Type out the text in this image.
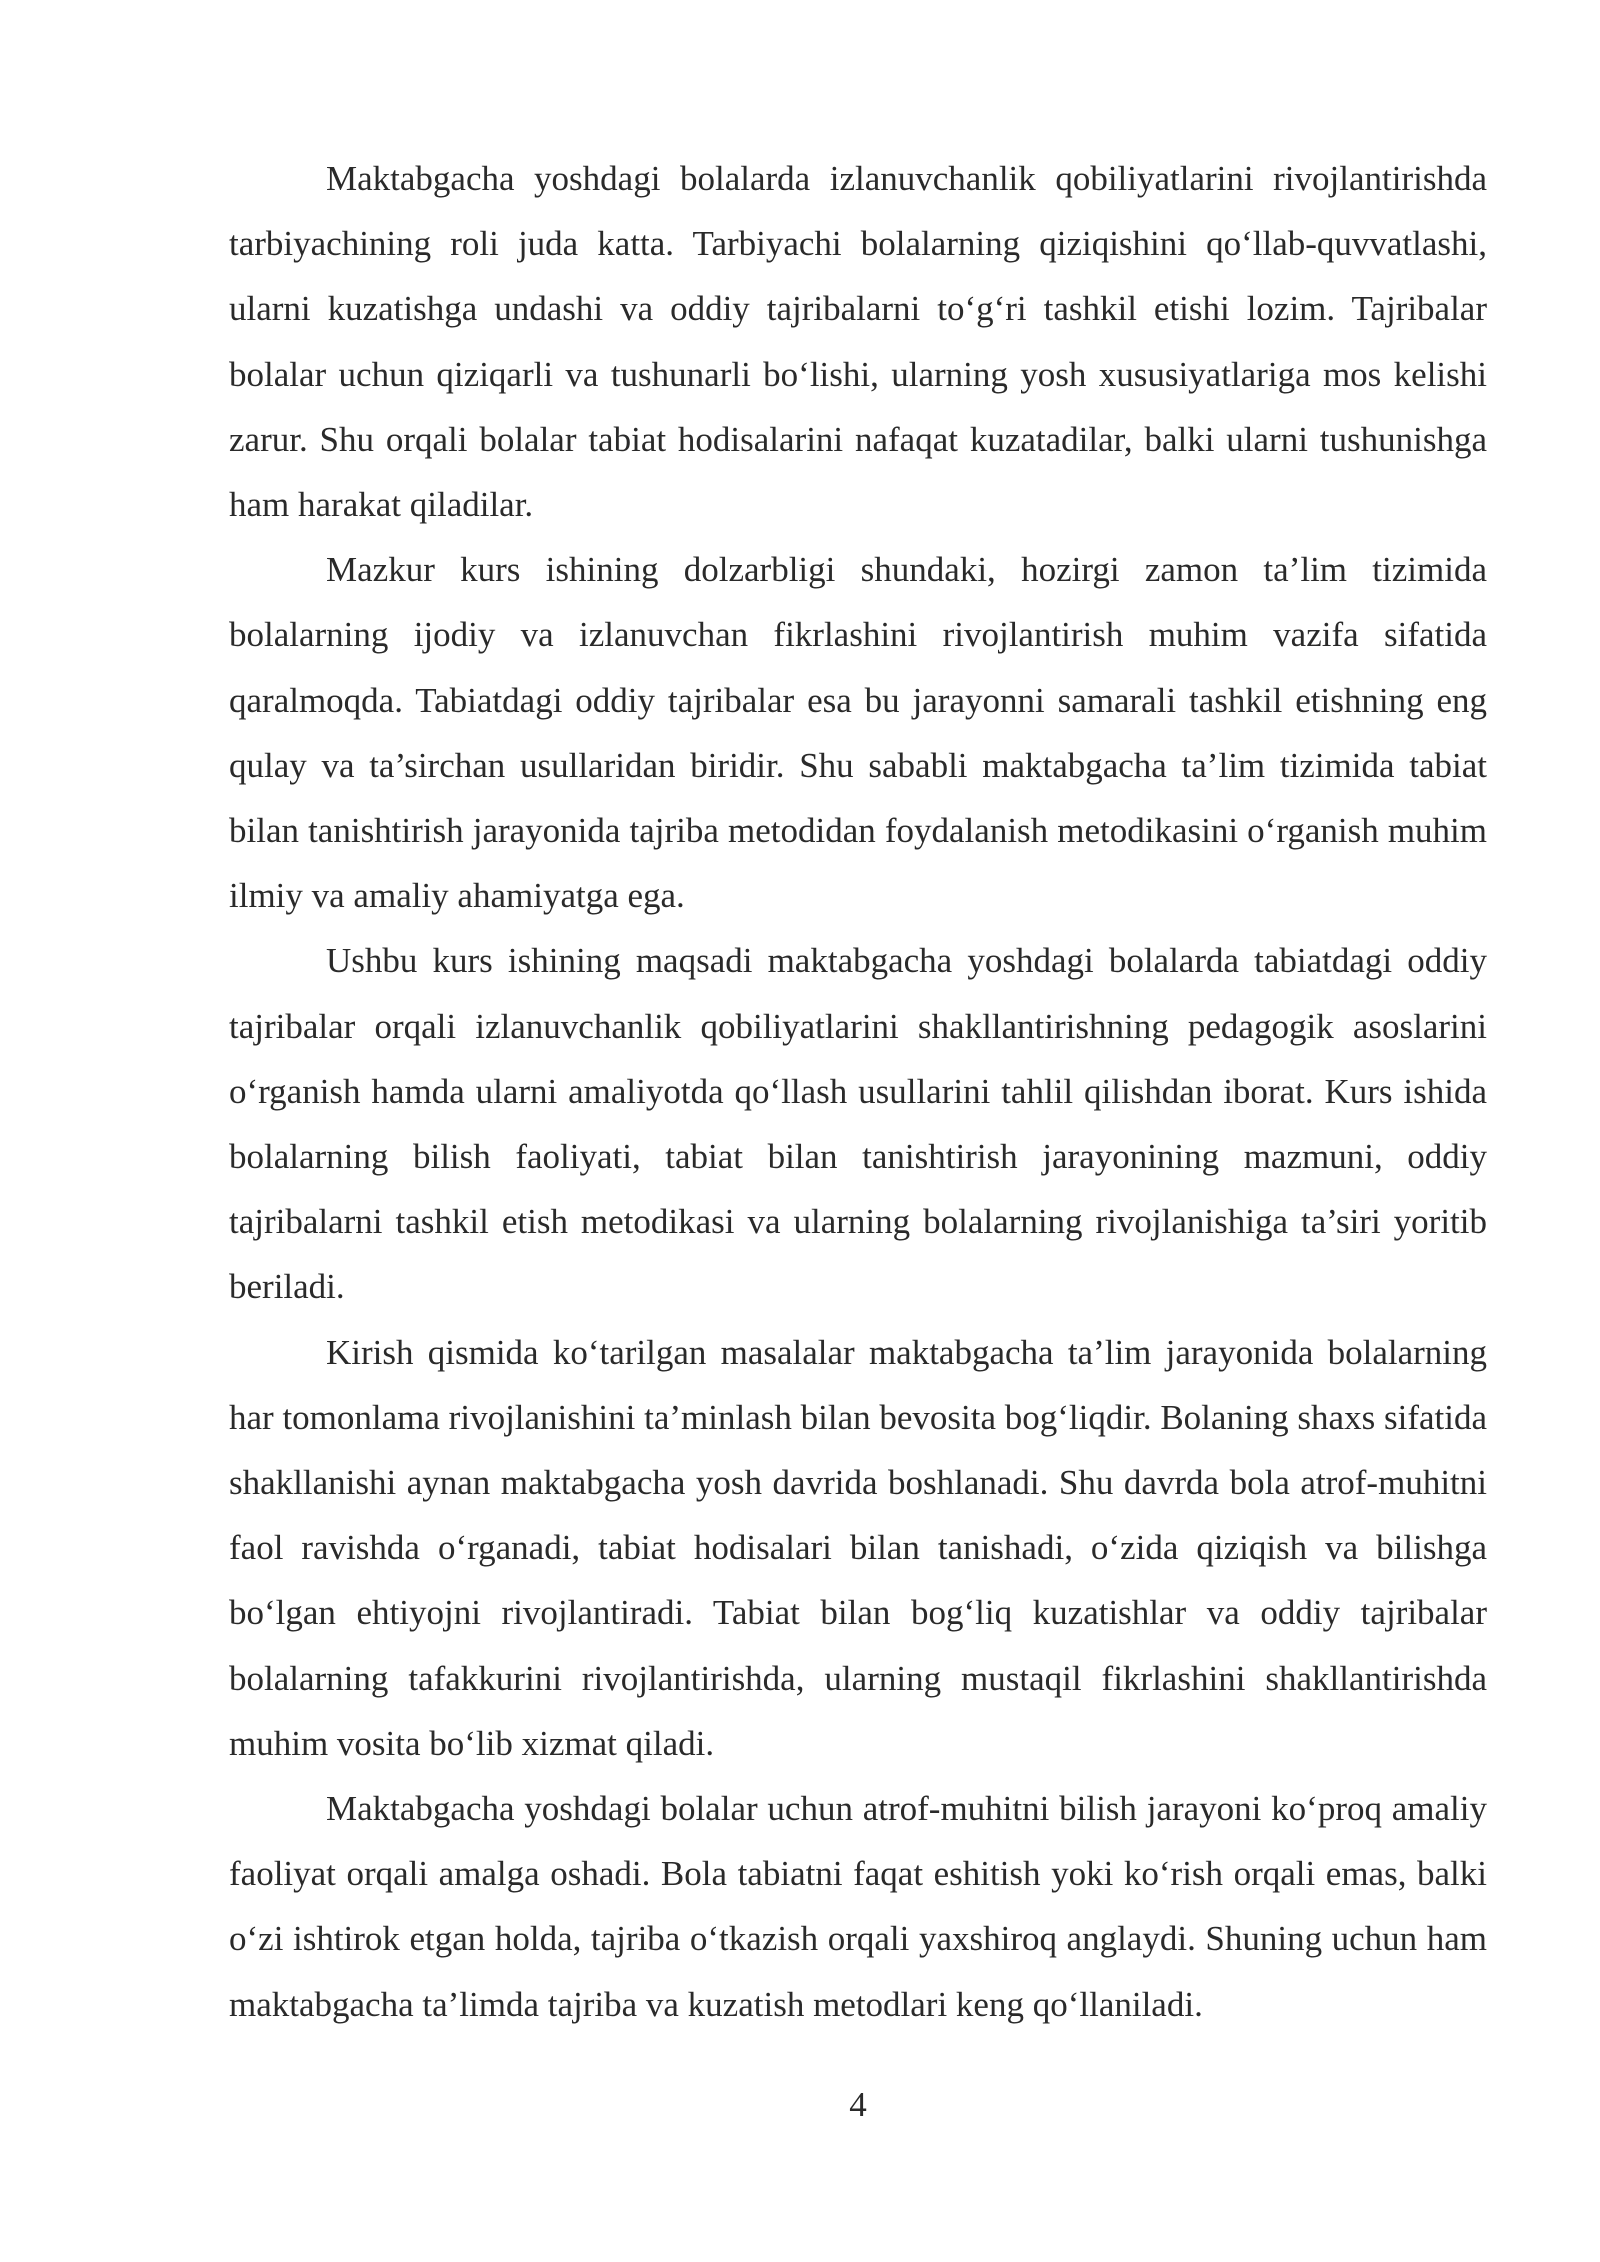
Maktabgacha yoshdagi bolalarda izlanuvchanlik qobiliyatlarini rivojlantirishda tarbiyachining roli juda katta. Tarbiyachi bolalarning qiziqishini qoʻllab-quvvatlashi, ularni kuzatishga undashi va oddiy tajribalarni toʻgʻri tashkil etishi lozim. Tajribalar bolalar uchun qiziqarli va tushunarli boʻlishi, ularning yosh xususiyatlariga mos kelishi zarur. Shu orqali bolalar tabiat hodisalarini nafaqat kuzatadilar, balki ularni tushunishga ham harakat qiladilar.

Mazkur kurs ishining dolzarbligi shundaki, hozirgi zamon ta’lim tizimida bolalarning ijodiy va izlanuvchan fikrlashini rivojlantirish muhim vazifa sifatida qaralmoqda. Tabiatdagi oddiy tajribalar esa bu jarayonni samarali tashkil etishning eng qulay va ta’sirchan usullaridan biridir. Shu sababli maktabgacha ta’lim tizimida tabiat bilan tanishtirish jarayonida tajriba metodidan foydalanish metodikasini oʻrganish muhim ilmiy va amaliy ahamiyatga ega.

Ushbu kurs ishining maqsadi maktabgacha yoshdagi bolalarda tabiatdagi oddiy tajribalar orqali izlanuvchanlik qobiliyatlarini shakllantirishning pedagogik asoslarini oʻrganish hamda ularni amaliyotda qoʻllash usullarini tahlil qilishdan iborat. Kurs ishida bolalarning bilish faoliyati, tabiat bilan tanishtirish jarayonining mazmuni, oddiy tajribalarni tashkil etish metodikasi va ularning bolalarning rivojlanishiga ta’siri yoritib beriladi.

Kirish qismida koʻtarilgan masalalar maktabgacha ta’lim jarayonida bolalarning har tomonlama rivojlanishini ta’minlash bilan bevosita bogʻliqdir. Bolaning shaxs sifatida shakllanishi aynan maktabgacha yosh davrida boshlanadi. Shu davrda bola atrof-muhitni faol ravishda oʻrganadi, tabiat hodisalari bilan tanishadi, oʻzida qiziqish va bilishga boʻlgan ehtiyojni rivojlantiradi. Tabiat bilan bogʻliq kuzatishlar va oddiy tajribalar bolalarning tafakkurini rivojlantirishda, ularning mustaqil fikrlashini shakllantirishda muhim vosita boʻlib xizmat qiladi.

Maktabgacha yoshdagi bolalar uchun atrof-muhitni bilish jarayoni koʻproq amaliy faoliyat orqali amalga oshadi. Bola tabiatni faqat eshitish yoki koʻrish orqali emas, balki oʻzi ishtirok etgan holda, tajriba oʻtkazish orqali yaxshiroq anglaydi. Shuning uchun ham maktabgacha ta’limda tajriba va kuzatish metodlari keng qoʻllaniladi.

4
